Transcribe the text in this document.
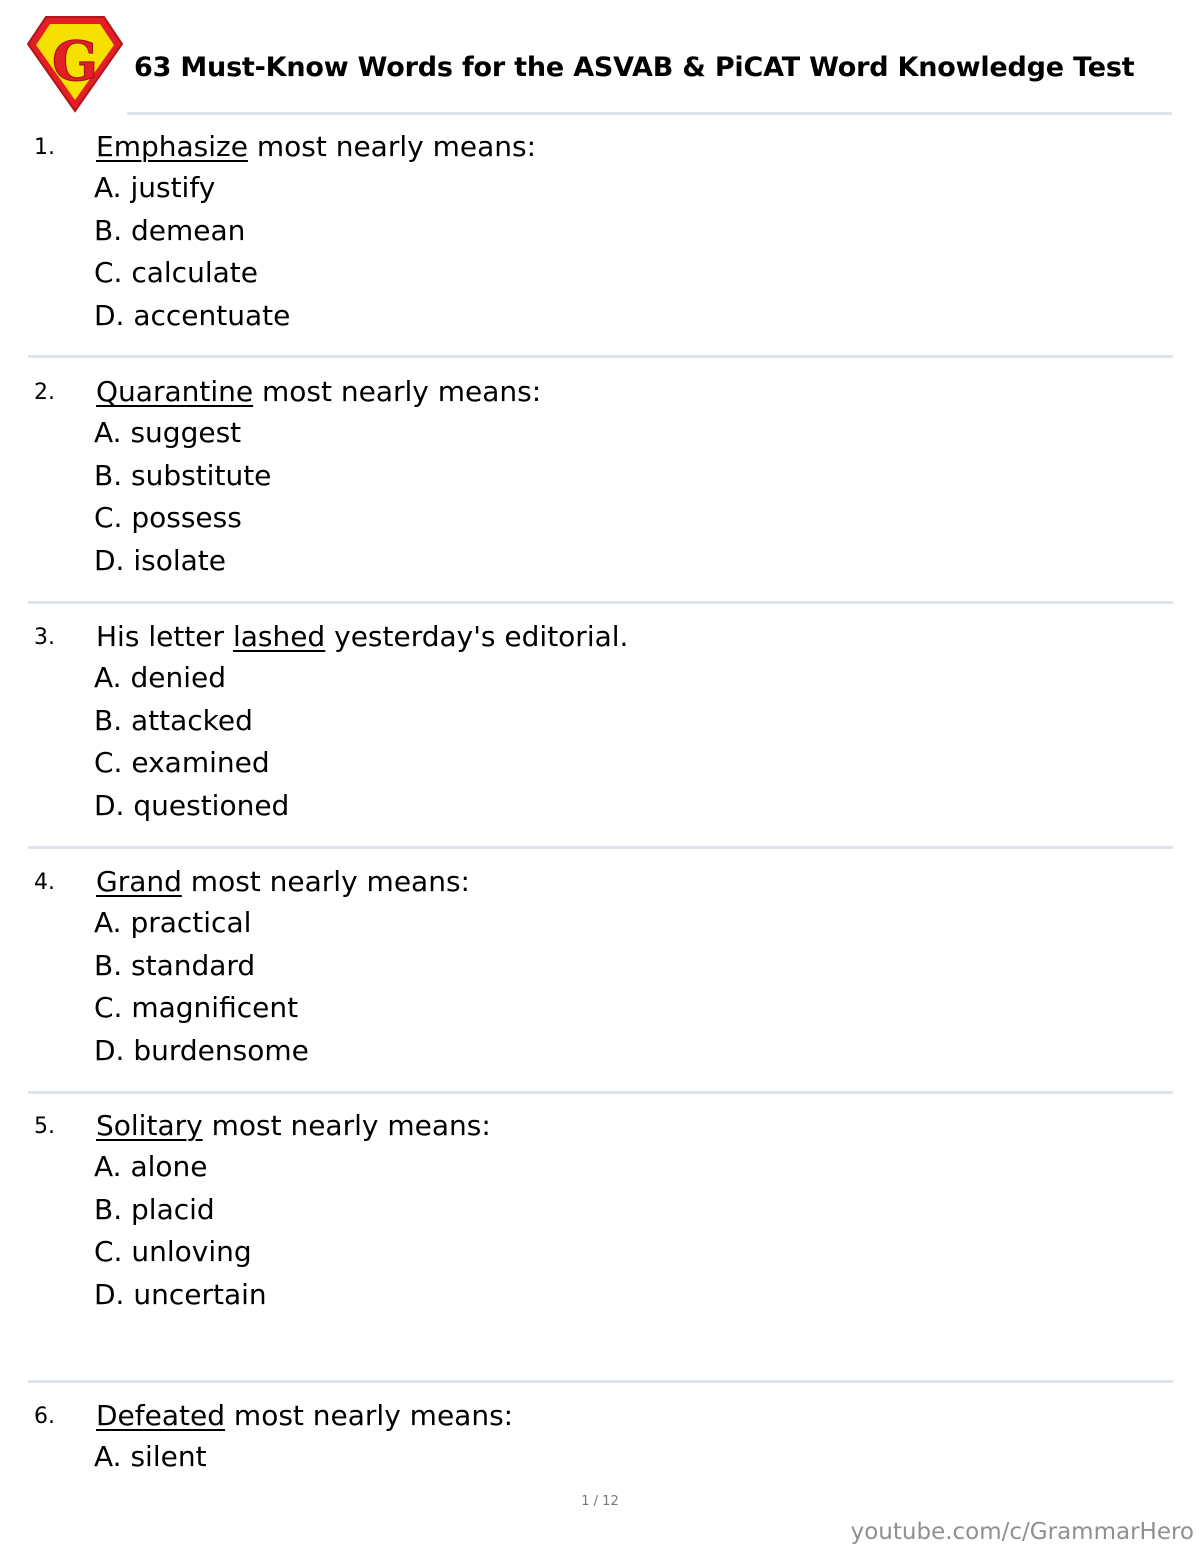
G 63 Must-Know Words for the ASVAB & PiCAT Word Knowledge Test
1. Emphasize most nearly means:
A. justify
B. demean
C. calculate
D. accentuate
2. Quarantine most nearly means:
A. suggest
B. substitute
C. possess
D. isolate
3. His letter lashed yesterday's editorial.
A. denied
B. attacked
C. examined
D. questioned
4. Grand most nearly means:
A. practical
B. standard
C. magnificent
D. burdensome
5. Solitary most nearly means:
A. alone
B. placid
C. unloving
D. uncertain
6. Defeated most nearly means:
A. silent
1 / 12
youtube.com/c/GrammarHero
